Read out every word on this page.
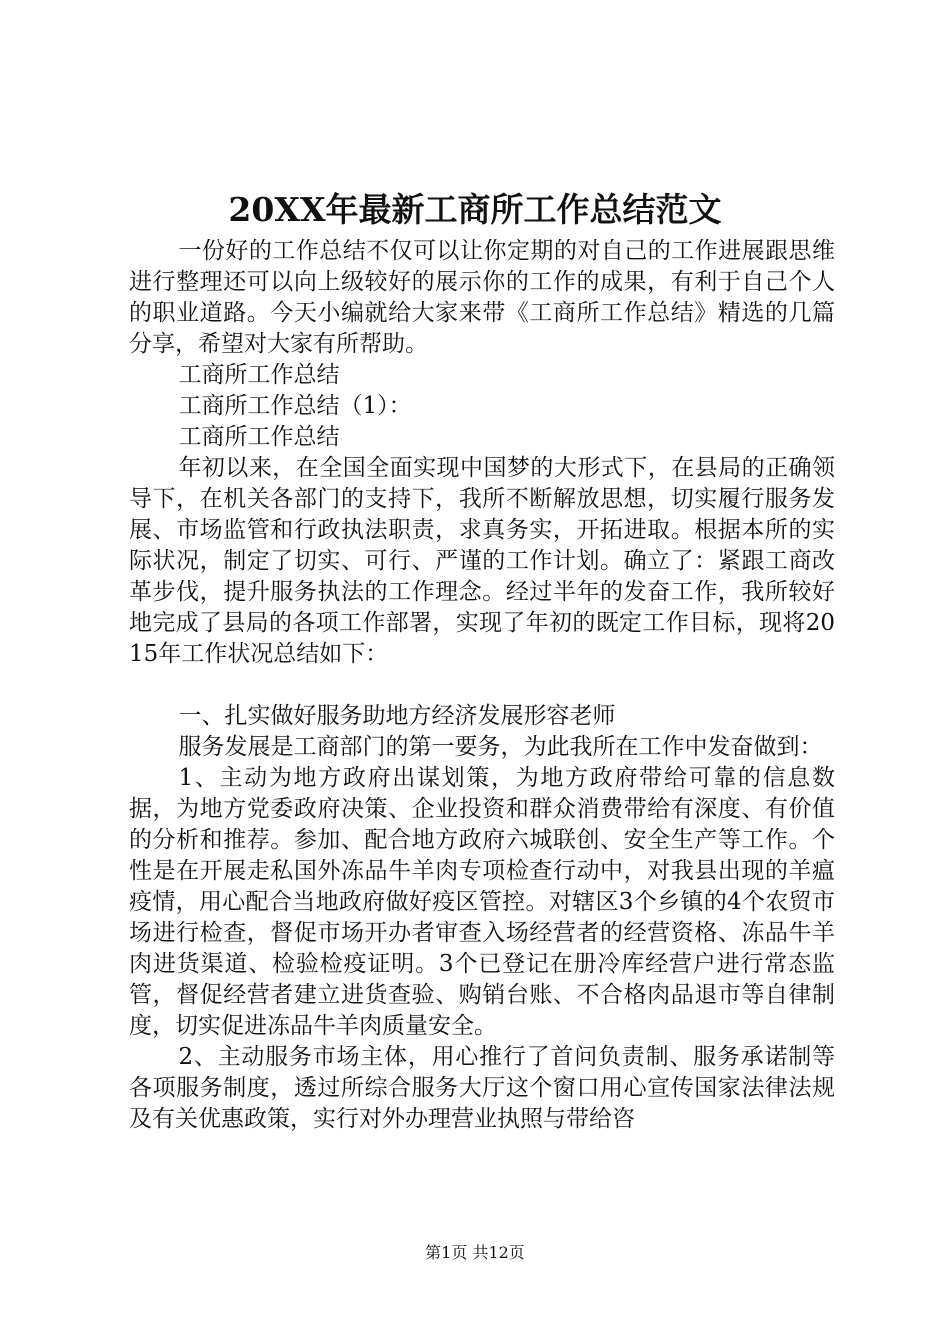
20XX年最新工商所工作总结范文

一份好的工作总结不仅可以让你定期的对自己的工作进展跟思维进行整理还可以向上级较好的展示你的工作的成果，有利于自己个人的职业道路。今天小编就给大家来带《工商所工作总结》精选的几篇分享，希望对大家有所帮助。

工商所工作总结

工商所工作总结（1）：

工商所工作总结

年初以来，在全国全面实现中国梦的大形式下，在县局的正确领导下，在机关各部门的支持下，我所不断解放思想，切实履行服务发展、市场监管和行政执法职责，求真务实，开拓进取。根据本所的实际状况，制定了切实、可行、严谨的工作计划。确立了：紧跟工商改革步伐，提升服务执法的工作理念。经过半年的发奋工作，我所较好地完成了县局的各项工作部署，实现了年初的既定工作目标，现将2015年工作状况总结如下：

一、扎实做好服务助地方经济发展形容老师

服务发展是工商部门的第一要务，为此我所在工作中发奋做到：

1、主动为地方政府出谋划策，为地方政府带给可靠的信息数据，为地方党委政府决策、企业投资和群众消费带给有深度、有价值的分析和推荐。参加、配合地方政府六城联创、安全生产等工作。个性是在开展走私国外冻品牛羊肉专项检查行动中，对我县出现的羊瘟疫情，用心配合当地政府做好疫区管控。对辖区3个乡镇的4个农贸市场进行检查，督促市场开办者审查入场经营者的经营资格、冻品牛羊肉进货渠道、检验检疫证明。3个已登记在册冷库经营户进行常态监管，督促经营者建立进货查验、购销台账、不合格肉品退市等自律制度，切实促进冻品牛羊肉质量安全。

2、主动服务市场主体，用心推行了首问负责制、服务承诺制等各项服务制度，透过所综合服务大厅这个窗口用心宣传国家法律法规及有关优惠政策，实行对外办理营业执照与带给咨

第1页 共12页
